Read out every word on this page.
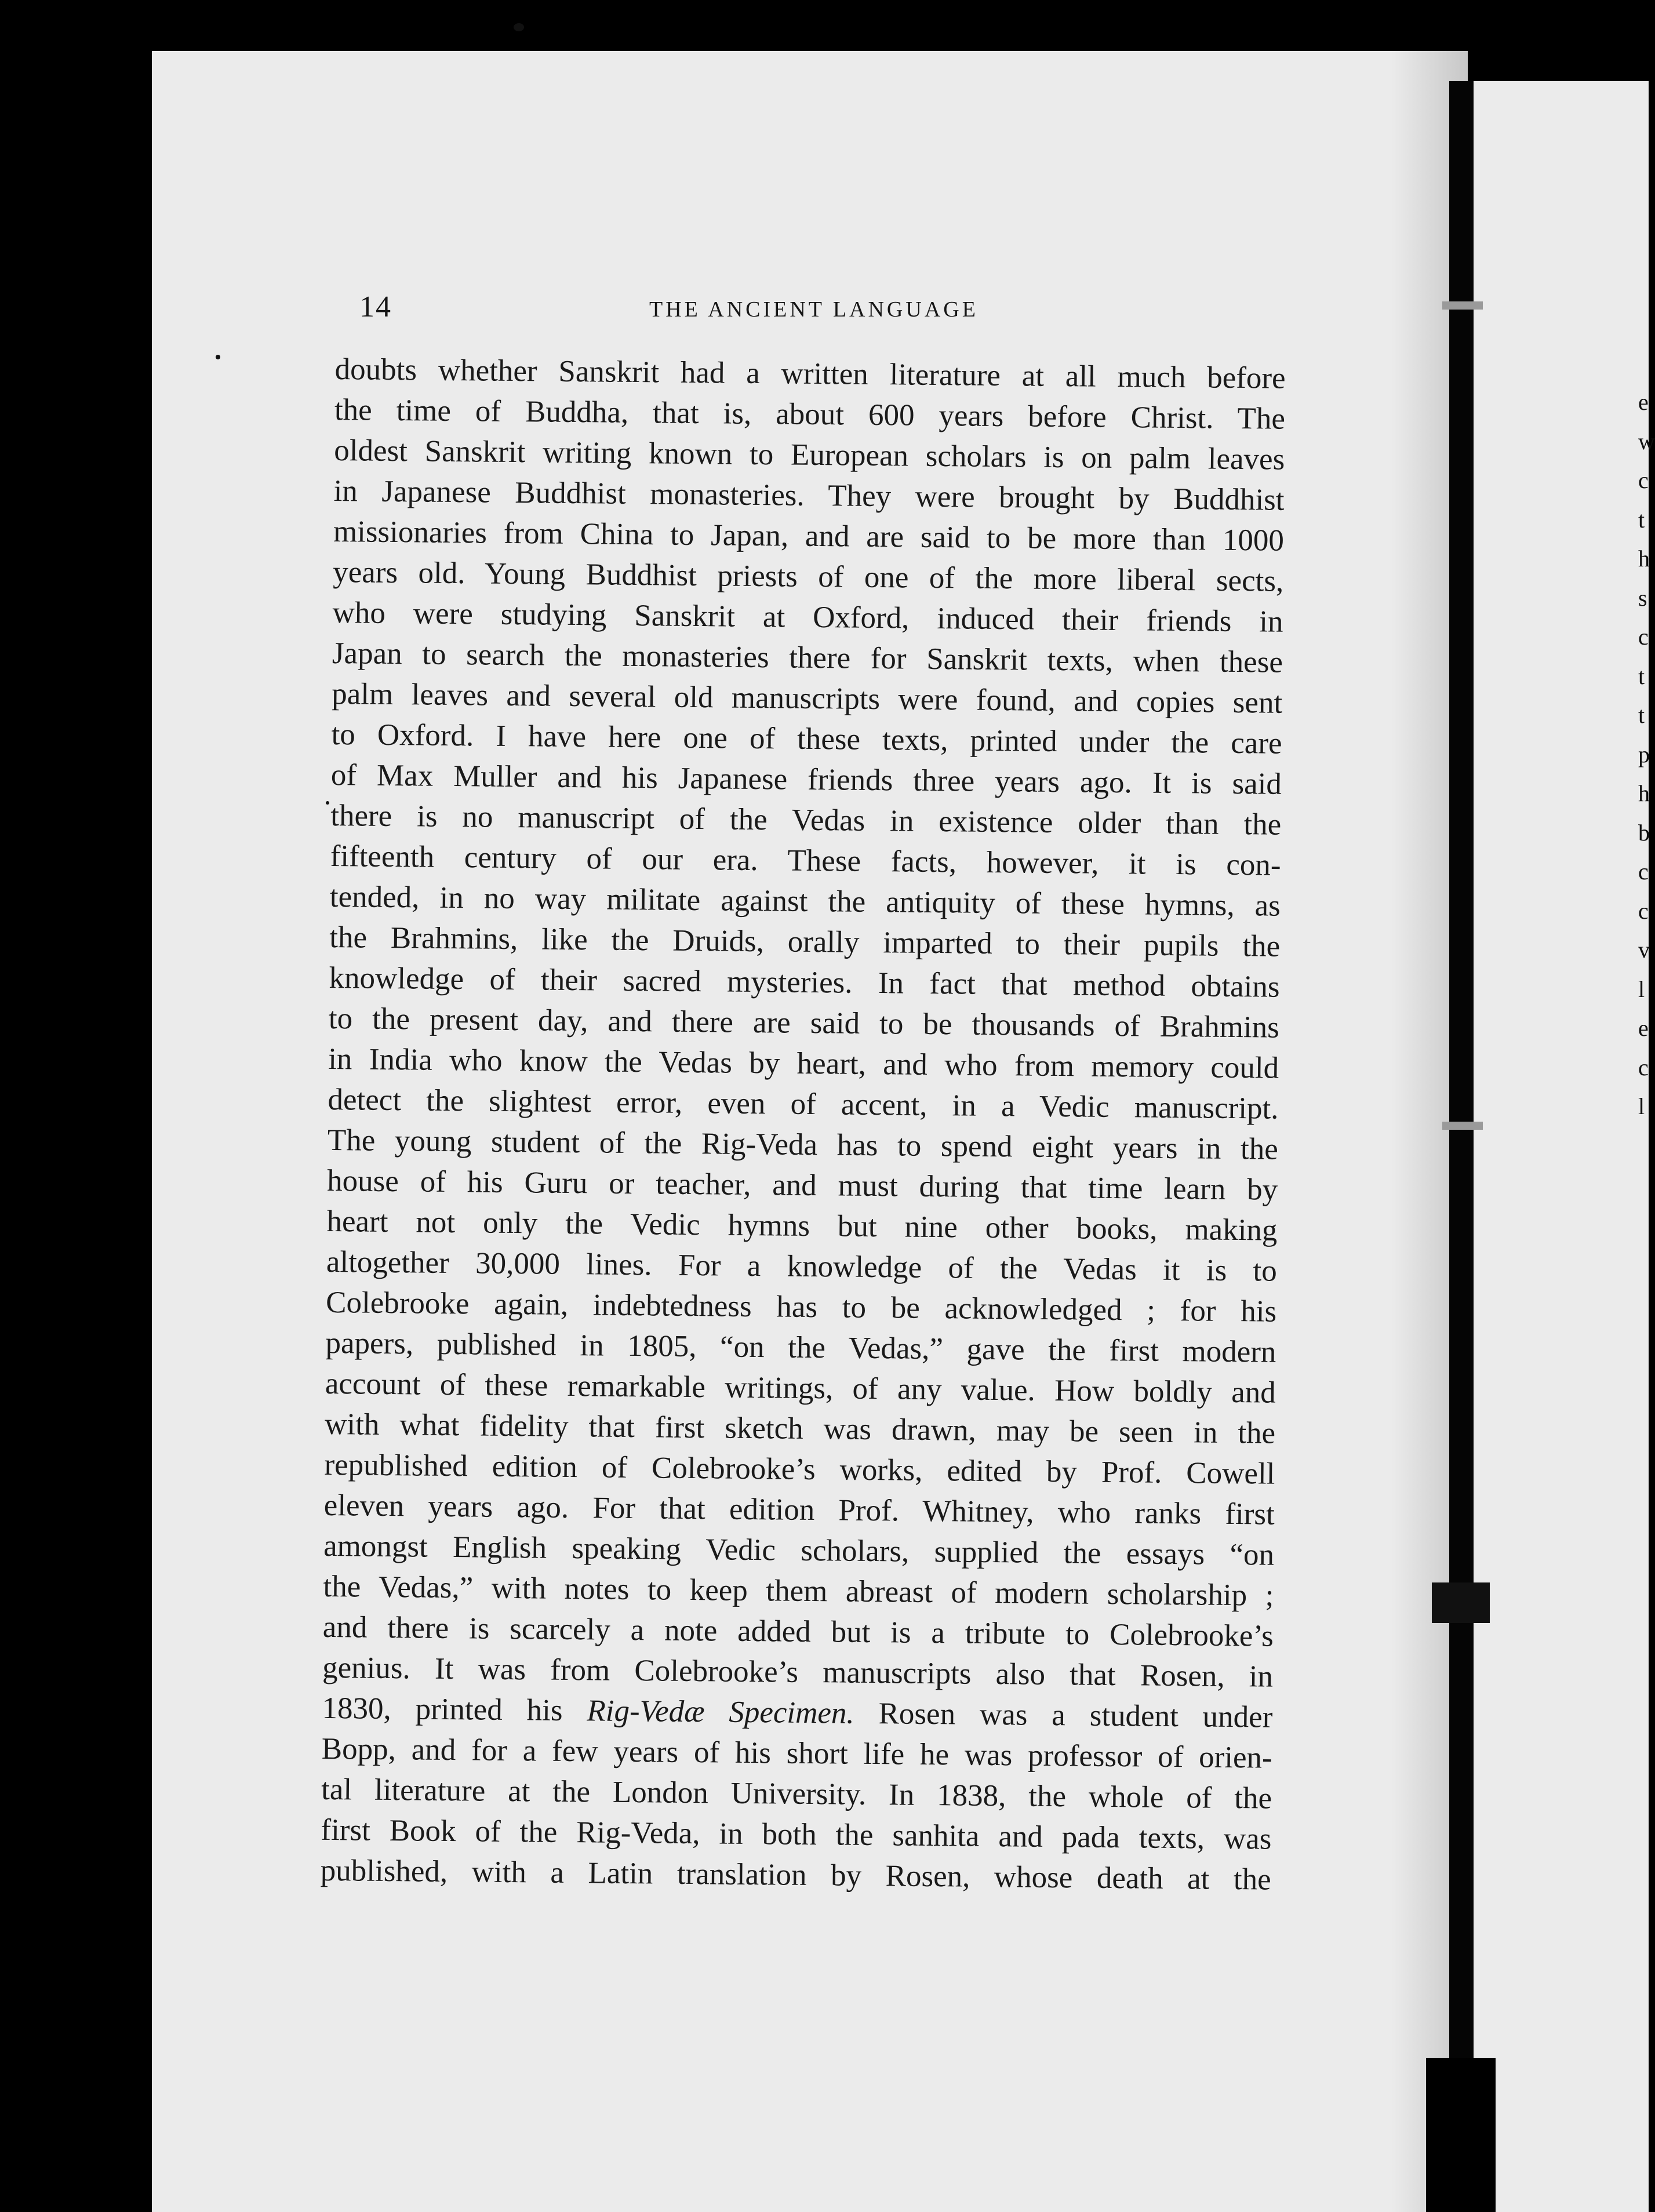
14	THE ANCIENT LANGUAGE
doubts whether Sanskrit had a written literature at all much before
the time of Buddha, that is, about 600 years before Christ. The
oldest Sanskrit writing known to European scholars is on palm leaves
in Japanese Buddhist monasteries. They were brought by Buddhist
missionaries from China to Japan, and are said to be more than 1000
years old. Young Buddhist priests of one of the more liberal sects,
who were studying Sanskrit at Oxford, induced their friends in
Japan to search the monasteries there for Sanskrit texts, when these
palm leaves and several old manuscripts were found, and copies sent
to Oxford. I have here one of these texts, printed under the care
of Max Muller and his Japanese friends three years ago. It is said
there is no manuscript of the Vedas in existence older than the
fifteenth century of our era. These facts, however, it is con-
tended, in no way militate against the antiquity of these hymns, as
the Brahmins, like the Druids, orally imparted to their pupils the
knowledge of their sacred mysteries. In fact that method obtains
to the present day, and there are said to be thousands of Brahmins
in India who know the Vedas by heart, and who from memory could
detect the slightest error, even of accent, in a Vedic manuscript.
The young student of the Rig-Veda has to spend eight years in the
house of his Guru or teacher, and must during that time learn by
heart not only the Vedic hymns but nine other books, making
altogether 30,000 lines. For a knowledge of the Vedas it is to
Colebrooke again, indebtedness has to be acknowledged ; for his
papers, published in 1805, “on the Vedas,” gave the first modern
account of these remarkable writings, of any value. How boldly and
with what fidelity that first sketch was drawn, may be seen in the
republished edition of Colebrooke’s works, edited by Prof. Cowell
eleven years ago. For that edition Prof. Whitney, who ranks first
amongst English speaking Vedic scholars, supplied the essays “on
the Vedas,” with notes to keep them abreast of modern scholarship ;
and there is scarcely a note added but is a tribute to Colebrooke’s
genius. It was from Colebrooke’s manuscripts also that Rosen, in
1830, printed his Rig-Vedæ Specimen. Rosen was a student under
Bopp, and for a few years of his short life he was professor of orien-
tal literature at the London University. In 1838, the whole of the
first Book of the Rig-Veda, in both the sanhita and pada texts, was
published, with a Latin translation by Rosen, whose death at the
e
w
c
t
h
s
c
t
t
p
h
b
c
c
v
l
e
c
l
